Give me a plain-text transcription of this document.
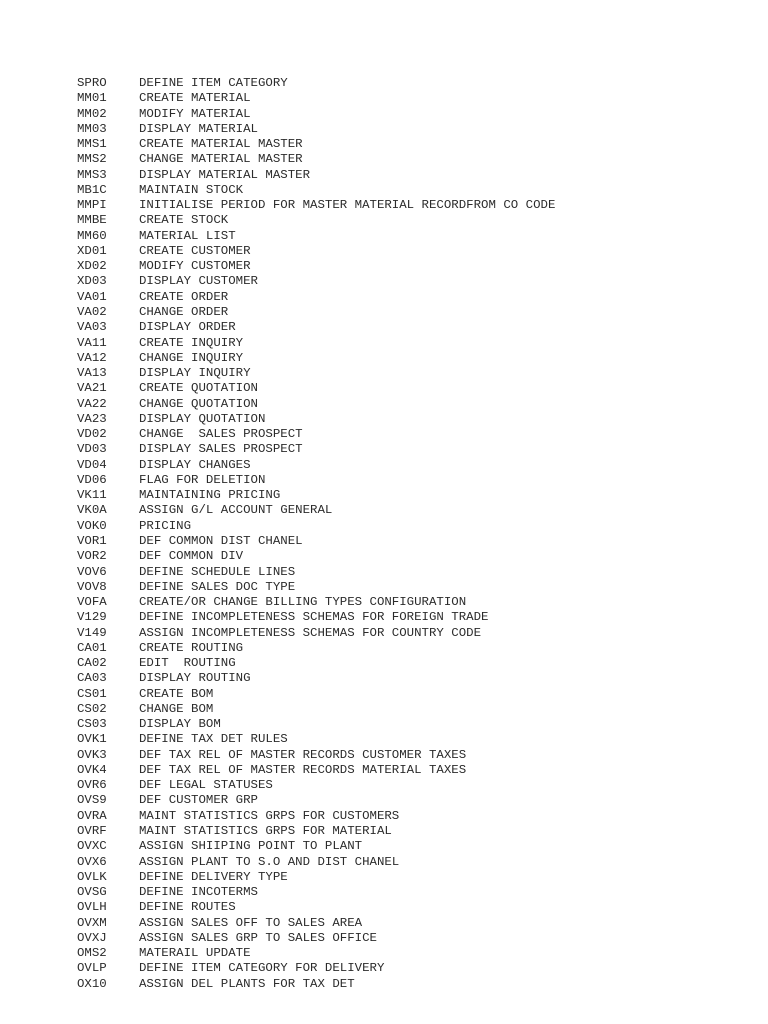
SPRO	DEFINE ITEM CATEGORY
MM01	CREATE MATERIAL
MM02	MODIFY MATERIAL
MM03	DISPLAY MATERIAL
MMS1	CREATE MATERIAL MASTER
MMS2	CHANGE MATERIAL MASTER
MMS3	DISPLAY MATERIAL MASTER
MB1C	MAINTAIN STOCK
MMPI	INITIALISE PERIOD FOR MASTER MATERIAL RECORDFROM CO CODE
MMBE	CREATE STOCK
MM60	MATERIAL LIST
XD01	CREATE CUSTOMER
XD02	MODIFY CUSTOMER
XD03	DISPLAY CUSTOMER
VA01	CREATE ORDER
VA02	CHANGE ORDER
VA03	DISPLAY ORDER
VA11	CREATE INQUIRY
VA12	CHANGE INQUIRY
VA13	DISPLAY INQUIRY
VA21	CREATE QUOTATION
VA22	CHANGE QUOTATION
VA23	DISPLAY QUOTATION
VD02	CHANGE  SALES PROSPECT
VD03	DISPLAY SALES PROSPECT
VD04	DISPLAY CHANGES
VD06	FLAG FOR DELETION
VK11	MAINTAINING PRICING
VK0A	ASSIGN G/L ACCOUNT GENERAL
VOK0	PRICING
VOR1	DEF COMMON DIST CHANEL
VOR2	DEF COMMON DIV
VOV6	DEFINE SCHEDULE LINES
VOV8	DEFINE SALES DOC TYPE
VOFA	CREATE/OR CHANGE BILLING TYPES CONFIGURATION
V129	DEFINE INCOMPLETENESS SCHEMAS FOR FOREIGN TRADE
V149	ASSIGN INCOMPLETENESS SCHEMAS FOR COUNTRY CODE
CA01	CREATE ROUTING
CA02	EDIT  ROUTING
CA03	DISPLAY ROUTING
CS01	CREATE BOM
CS02	CHANGE BOM
CS03	DISPLAY BOM
OVK1	DEFINE TAX DET RULES
OVK3	DEF TAX REL OF MASTER RECORDS CUSTOMER TAXES
OVK4	DEF TAX REL OF MASTER RECORDS MATERIAL TAXES
OVR6	DEF LEGAL STATUSES
OVS9	DEF CUSTOMER GRP
OVRA	MAINT STATISTICS GRPS FOR CUSTOMERS
OVRF	MAINT STATISTICS GRPS FOR MATERIAL
OVXC	ASSIGN SHIIPING POINT TO PLANT
OVX6	ASSIGN PLANT TO S.O AND DIST CHANEL
OVLK	DEFINE DELIVERY TYPE
OVSG	DEFINE INCOTERMS
OVLH	DEFINE ROUTES
OVXM	ASSIGN SALES OFF TO SALES AREA
OVXJ	ASSIGN SALES GRP TO SALES OFFICE
OMS2	MATERAIL UPDATE
OVLP	DEFINE ITEM CATEGORY FOR DELIVERY
OX10	ASSIGN DEL PLANTS FOR TAX DET
